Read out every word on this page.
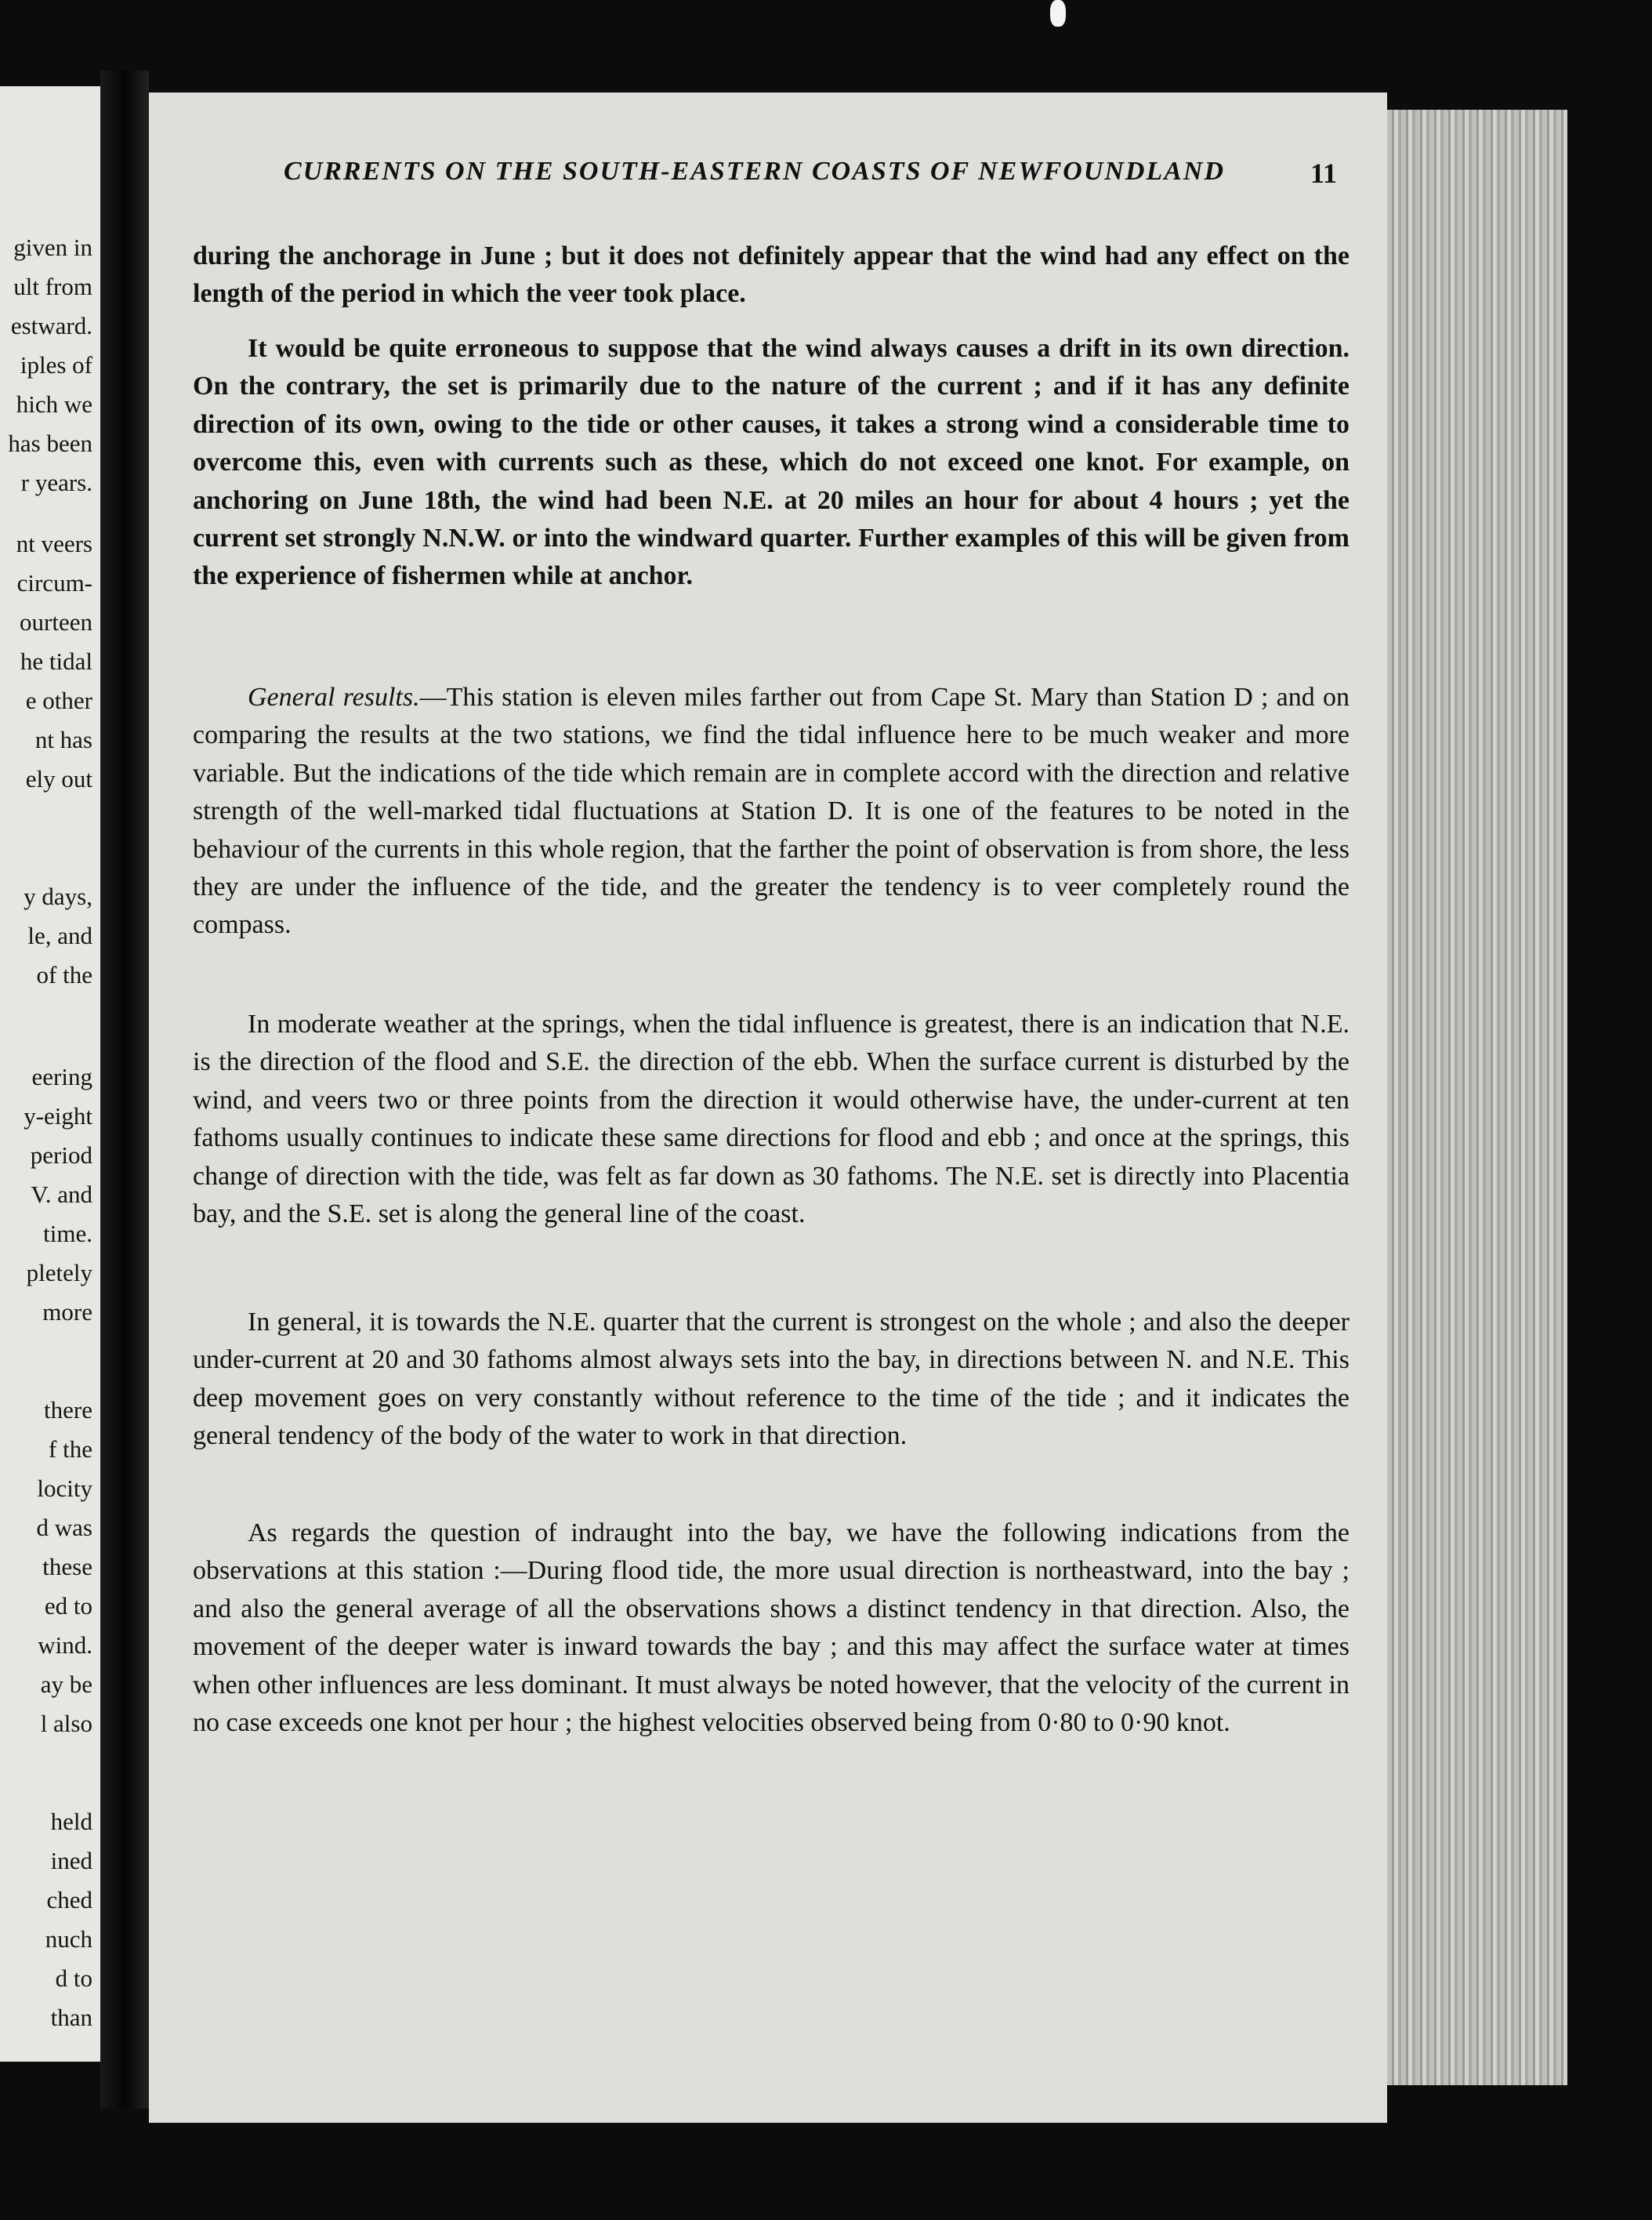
given in
ult from
estward.
iples of
hich we
has been
r years.
nt veers
circum-
ourteen
he tidal
e other
nt has
ely out
y days,
le, and
of the
eering
y-eight
period
V. and
time.
pletely
more
there
f the
locity
d was
these
ed to
wind.
ay be
l also
held
ined
ched
nuch
d to
than
CURRENTS ON THE SOUTH-EASTERN COASTS OF NEWFOUNDLAND	11

during the anchorage in June ; but it does not definitely appear that the wind had any effect on the length of the period in which the veer took place.

It would be quite erroneous to suppose that the wind always causes a drift in its own direction. On the contrary, the set is primarily due to the nature of the current ; and if it has any definite direction of its own, owing to the tide or other causes, it takes a strong wind a considerable time to overcome this, even with currents such as these, which do not exceed one knot. For example, on anchoring on June 18th, the wind had been N.E. at 20 miles an hour for about 4 hours ; yet the current set strongly N.N.W. or into the windward quarter. Further examples of this will be given from the experience of fishermen while at anchor.

General results.—This station is eleven miles farther out from Cape St. Mary than Station D ; and on comparing the results at the two stations, we find the tidal influence here to be much weaker and more variable. But the indications of the tide which remain are in complete accord with the direction and relative strength of the well-marked tidal fluctuations at Station D. It is one of the features to be noted in the behaviour of the currents in this whole region, that the farther the point of observation is from shore, the less they are under the influence of the tide, and the greater the tendency is to veer completely round the compass.

In moderate weather at the springs, when the tidal influence is greatest, there is an indication that N.E. is the direction of the flood and S.E. the direction of the ebb. When the surface current is disturbed by the wind, and veers two or three points from the direction it would otherwise have, the under-current at ten fathoms usually continues to indicate these same directions for flood and ebb ; and once at the springs, this change of direction with the tide, was felt as far down as 30 fathoms. The N.E. set is directly into Placentia bay, and the S.E. set is along the general line of the coast.

In general, it is towards the N.E. quarter that the current is strongest on the whole ; and also the deeper under-current at 20 and 30 fathoms almost always sets into the bay, in directions between N. and N.E. This deep movement goes on very constantly without reference to the time of the tide ; and it indicates the general tendency of the body of the water to work in that direction.

As regards the question of indraught into the bay, we have the following indications from the observations at this station :—During flood tide, the more usual direction is northeastward, into the bay ; and also the general average of all the observations shows a distinct tendency in that direction. Also, the movement of the deeper water is inward towards the bay ; and this may affect the surface water at times when other influences are less dominant. It must always be noted however, that the velocity of the current in no case exceeds one knot per hour ; the highest velocities observed being from 0·80 to 0·90 knot.
